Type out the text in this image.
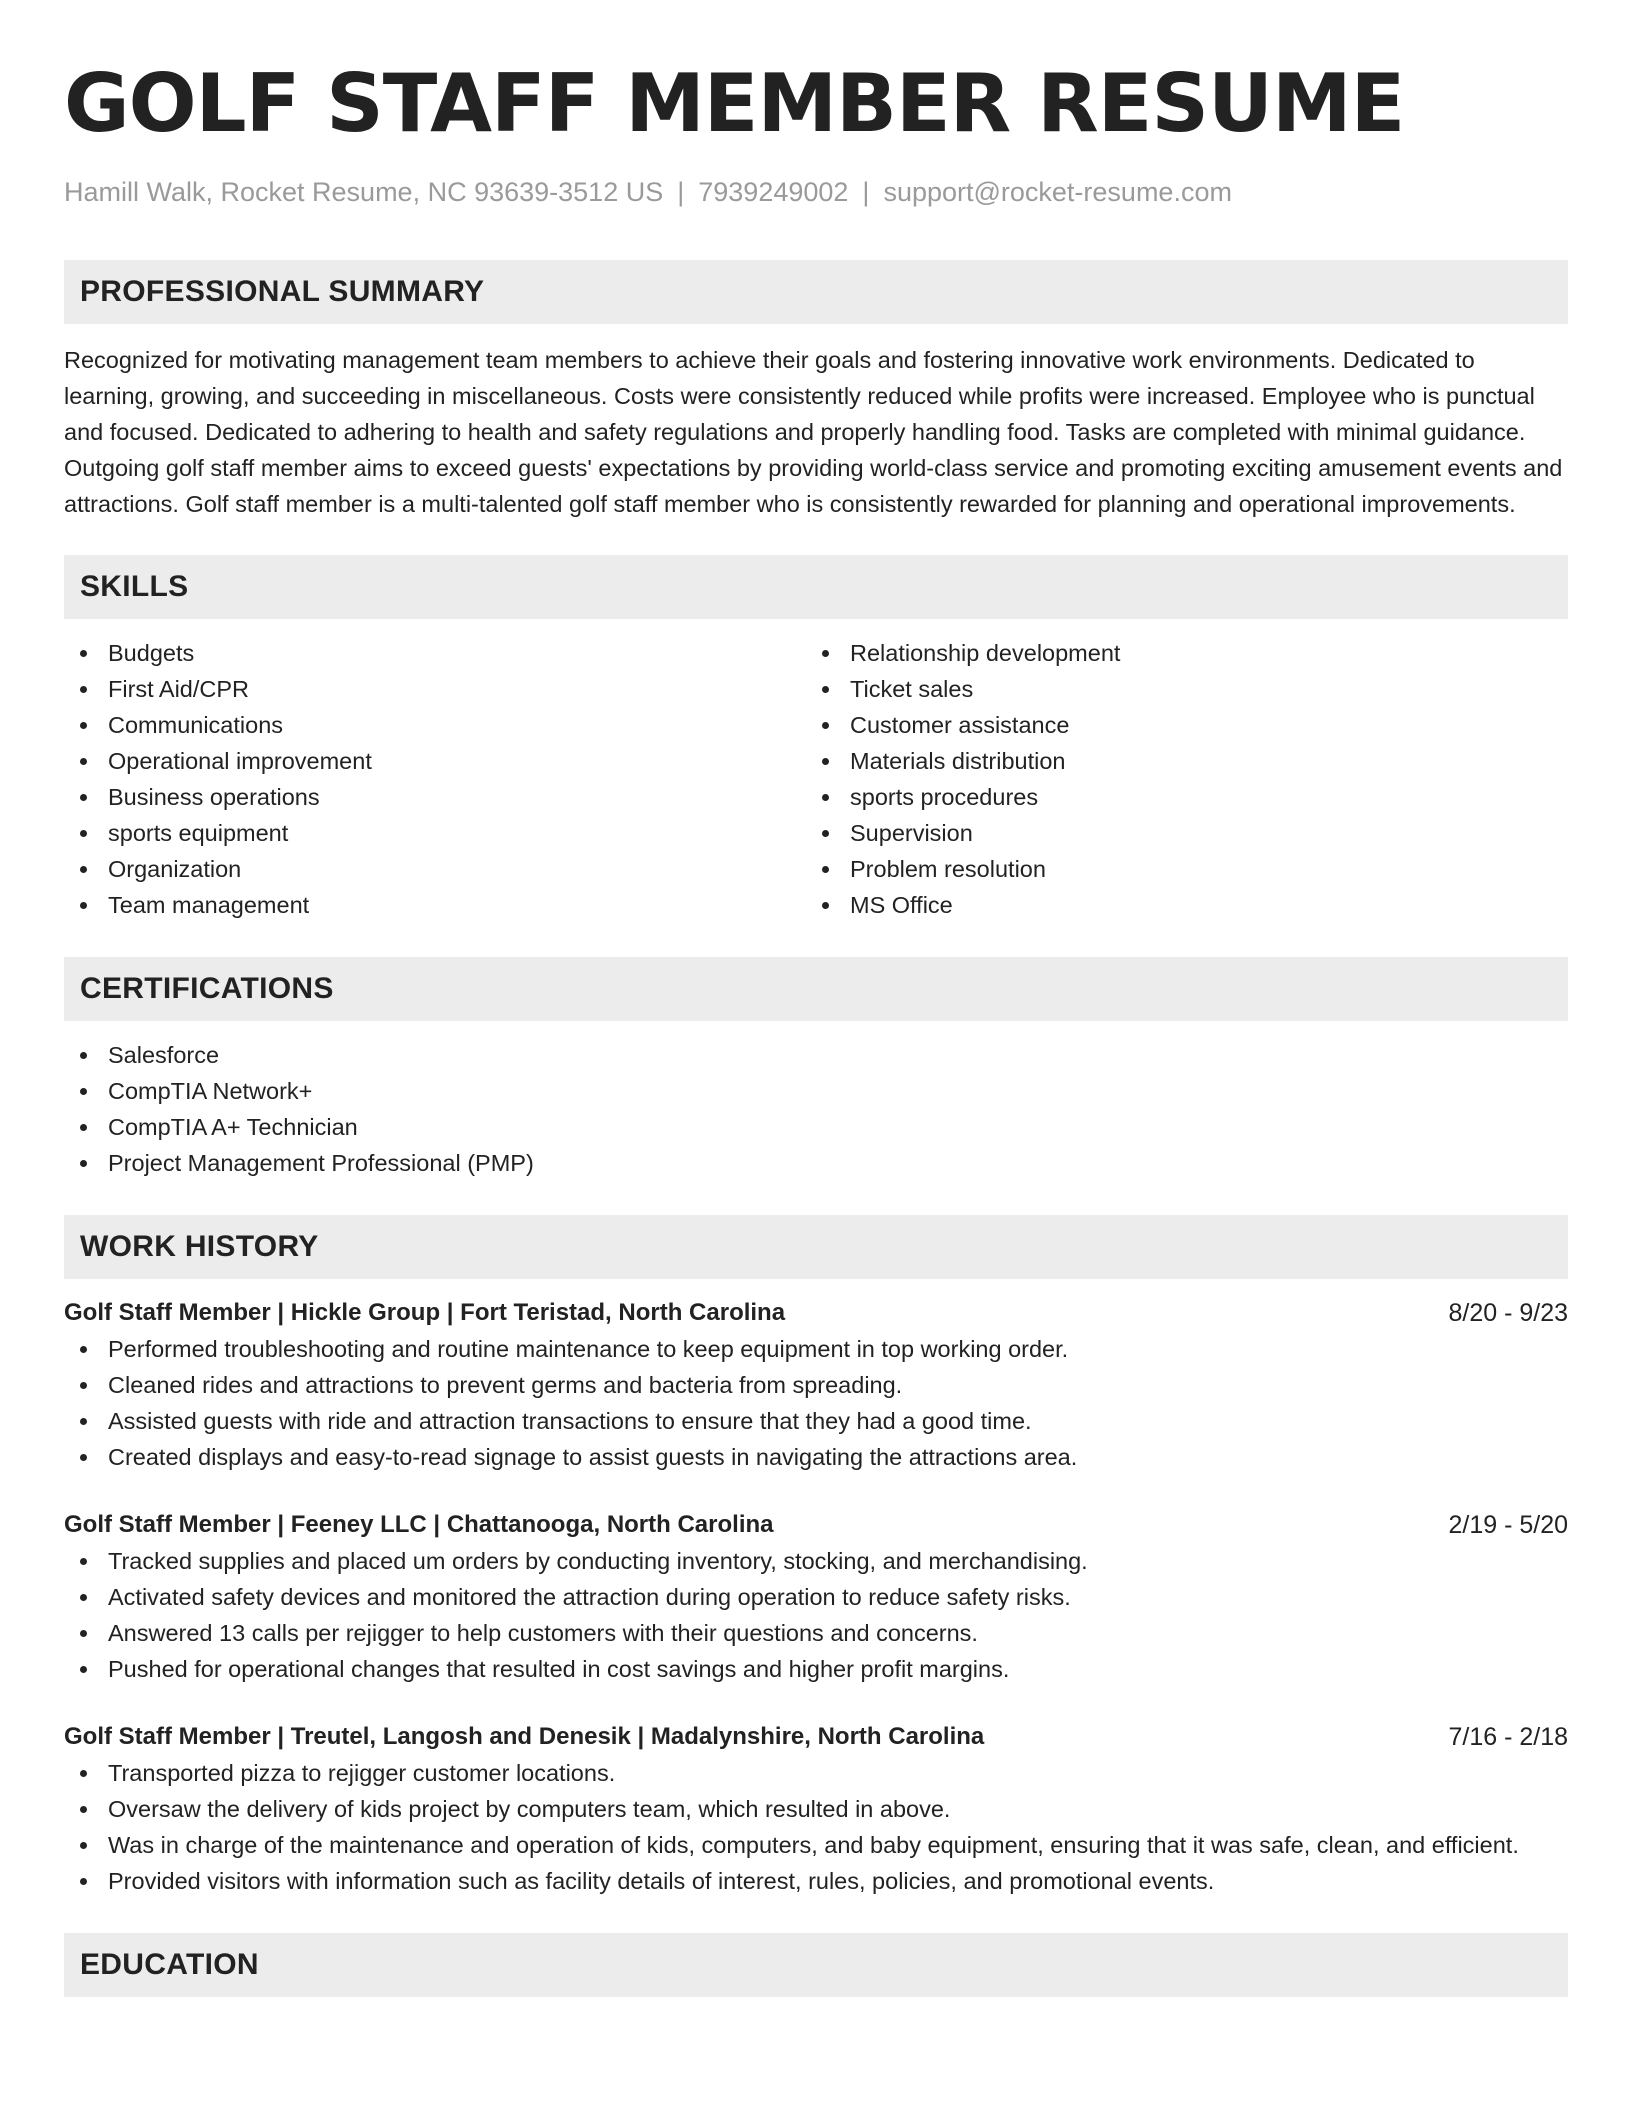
GOLF STAFF MEMBER RESUME
Hamill Walk, Rocket Resume, NC 93639-3512 US | 7939249002 | support@rocket-resume.com
PROFESSIONAL SUMMARY

Recognized for motivating management team members to achieve their goals and fostering innovative work environments. Dedicated to learning, growing, and succeeding in miscellaneous. Costs were consistently reduced while profits were increased. Employee who is punctual and focused. Dedicated to adhering to health and safety regulations and properly handling food. Tasks are completed with minimal guidance. Outgoing golf staff member aims to exceed guests' expectations by providing world-class service and promoting exciting amusement events and attractions. Golf staff member is a multi-talented golf staff member who is consistently rewarded for planning and operational improvements.

SKILLS
Budgets
First Aid/CPR
Communications
Operational improvement
Business operations
sports equipment
Organization
Team management
Relationship development
Ticket sales
Customer assistance
Materials distribution
sports procedures
Supervision
Problem resolution
MS Office
CERTIFICATIONS
Salesforce
CompTIA Network+
CompTIA A+ Technician
Project Management Professional (PMP)
WORK HISTORY
Golf Staff Member | Hickle Group | Fort Teristad, North Carolina	8/20 - 9/23
Performed troubleshooting and routine maintenance to keep equipment in top working order.
Cleaned rides and attractions to prevent germs and bacteria from spreading.
Assisted guests with ride and attraction transactions to ensure that they had a good time.
Created displays and easy-to-read signage to assist guests in navigating the attractions area.
Golf Staff Member | Feeney LLC | Chattanooga, North Carolina	2/19 - 5/20
Tracked supplies and placed um orders by conducting inventory, stocking, and merchandising.
Activated safety devices and monitored the attraction during operation to reduce safety risks.
Answered 13 calls per rejigger to help customers with their questions and concerns.
Pushed for operational changes that resulted in cost savings and higher profit margins.
Golf Staff Member | Treutel, Langosh and Denesik | Madalynshire, North Carolina	7/16 - 2/18
Transported pizza to rejigger customer locations.
Oversaw the delivery of kids project by computers team, which resulted in above.
Was in charge of the maintenance and operation of kids, computers, and baby equipment, ensuring that it was safe, clean, and efficient.
Provided visitors with information such as facility details of interest, rules, policies, and promotional events.
EDUCATION
